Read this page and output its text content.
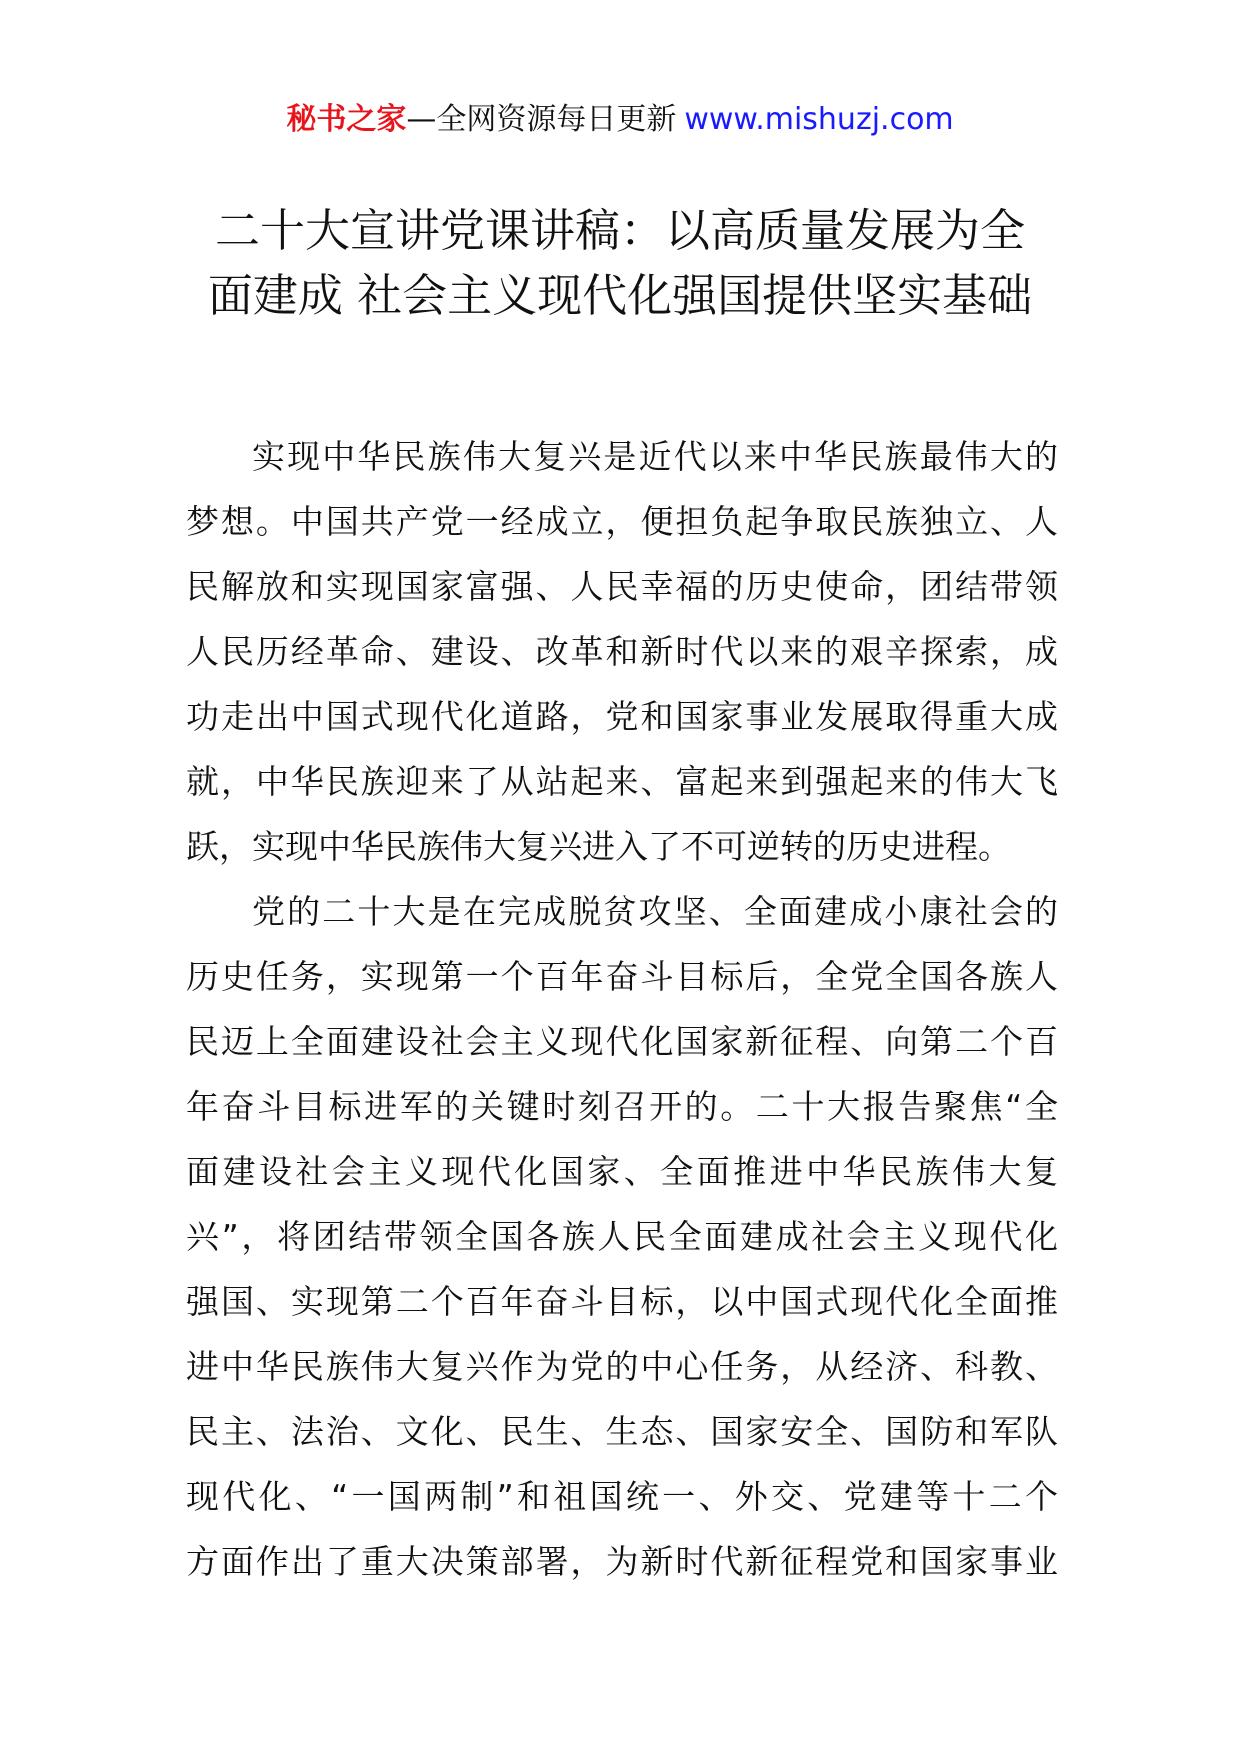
秘书之家—全网资源每日更新 www.mishuzj.com
二十大宣讲党课讲稿：以高质量发展为全
面建成 社会主义现代化强国提供坚实基础
实现中华民族伟大复兴是近代以来中华民族最伟大的
梦想。中国共产党一经成立，便担负起争取民族独立、人
民解放和实现国家富强、人民幸福的历史使命，团结带领
人民历经革命、建设、改革和新时代以来的艰辛探索，成
功走出中国式现代化道路，党和国家事业发展取得重大成
就，中华民族迎来了从站起来、富起来到强起来的伟大飞
跃，实现中华民族伟大复兴进入了不可逆转的历史进程。
党的二十大是在完成脱贫攻坚、全面建成小康社会的
历史任务，实现第一个百年奋斗目标后，全党全国各族人
民迈上全面建设社会主义现代化国家新征程、向第二个百
年奋斗目标进军的关键时刻召开的。二十大报告聚焦“全
面建设社会主义现代化国家、全面推进中华民族伟大复
兴”，将团结带领全国各族人民全面建成社会主义现代化
强国、实现第二个百年奋斗目标，以中国式现代化全面推
进中华民族伟大复兴作为党的中心任务，从经济、科教、
民主、法治、文化、民生、生态、国家安全、国防和军队
现代化、“一国两制”和祖国统一、外交、党建等十二个
方面作出了重大决策部署，为新时代新征程党和国家事业
